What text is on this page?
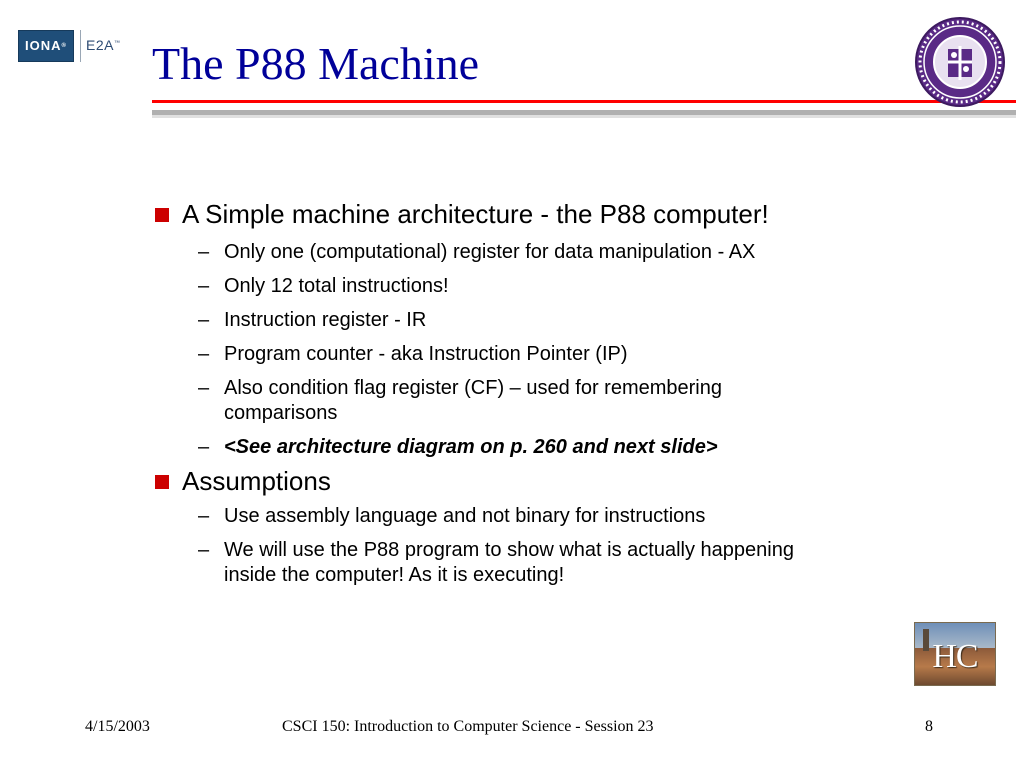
IONA®	E2A™ The P88 Machine
A Simple machine architecture - the P88 computer!
– Only one (computational) register for data manipulation - AX
– Only 12 total instructions!
– Instruction register - IR
– Program counter - aka Instruction Pointer (IP)
– Also condition flag register (CF) – used for remembering comparisons
– <See architecture diagram on p. 260 and next slide>
Assumptions
– Use assembly language and not binary for instructions
– We will use the P88 program to show what is actually happening inside the computer! As it is executing!
HC
4/15/2003	CSCI 150: Introduction to Computer Science - Session 23	8
